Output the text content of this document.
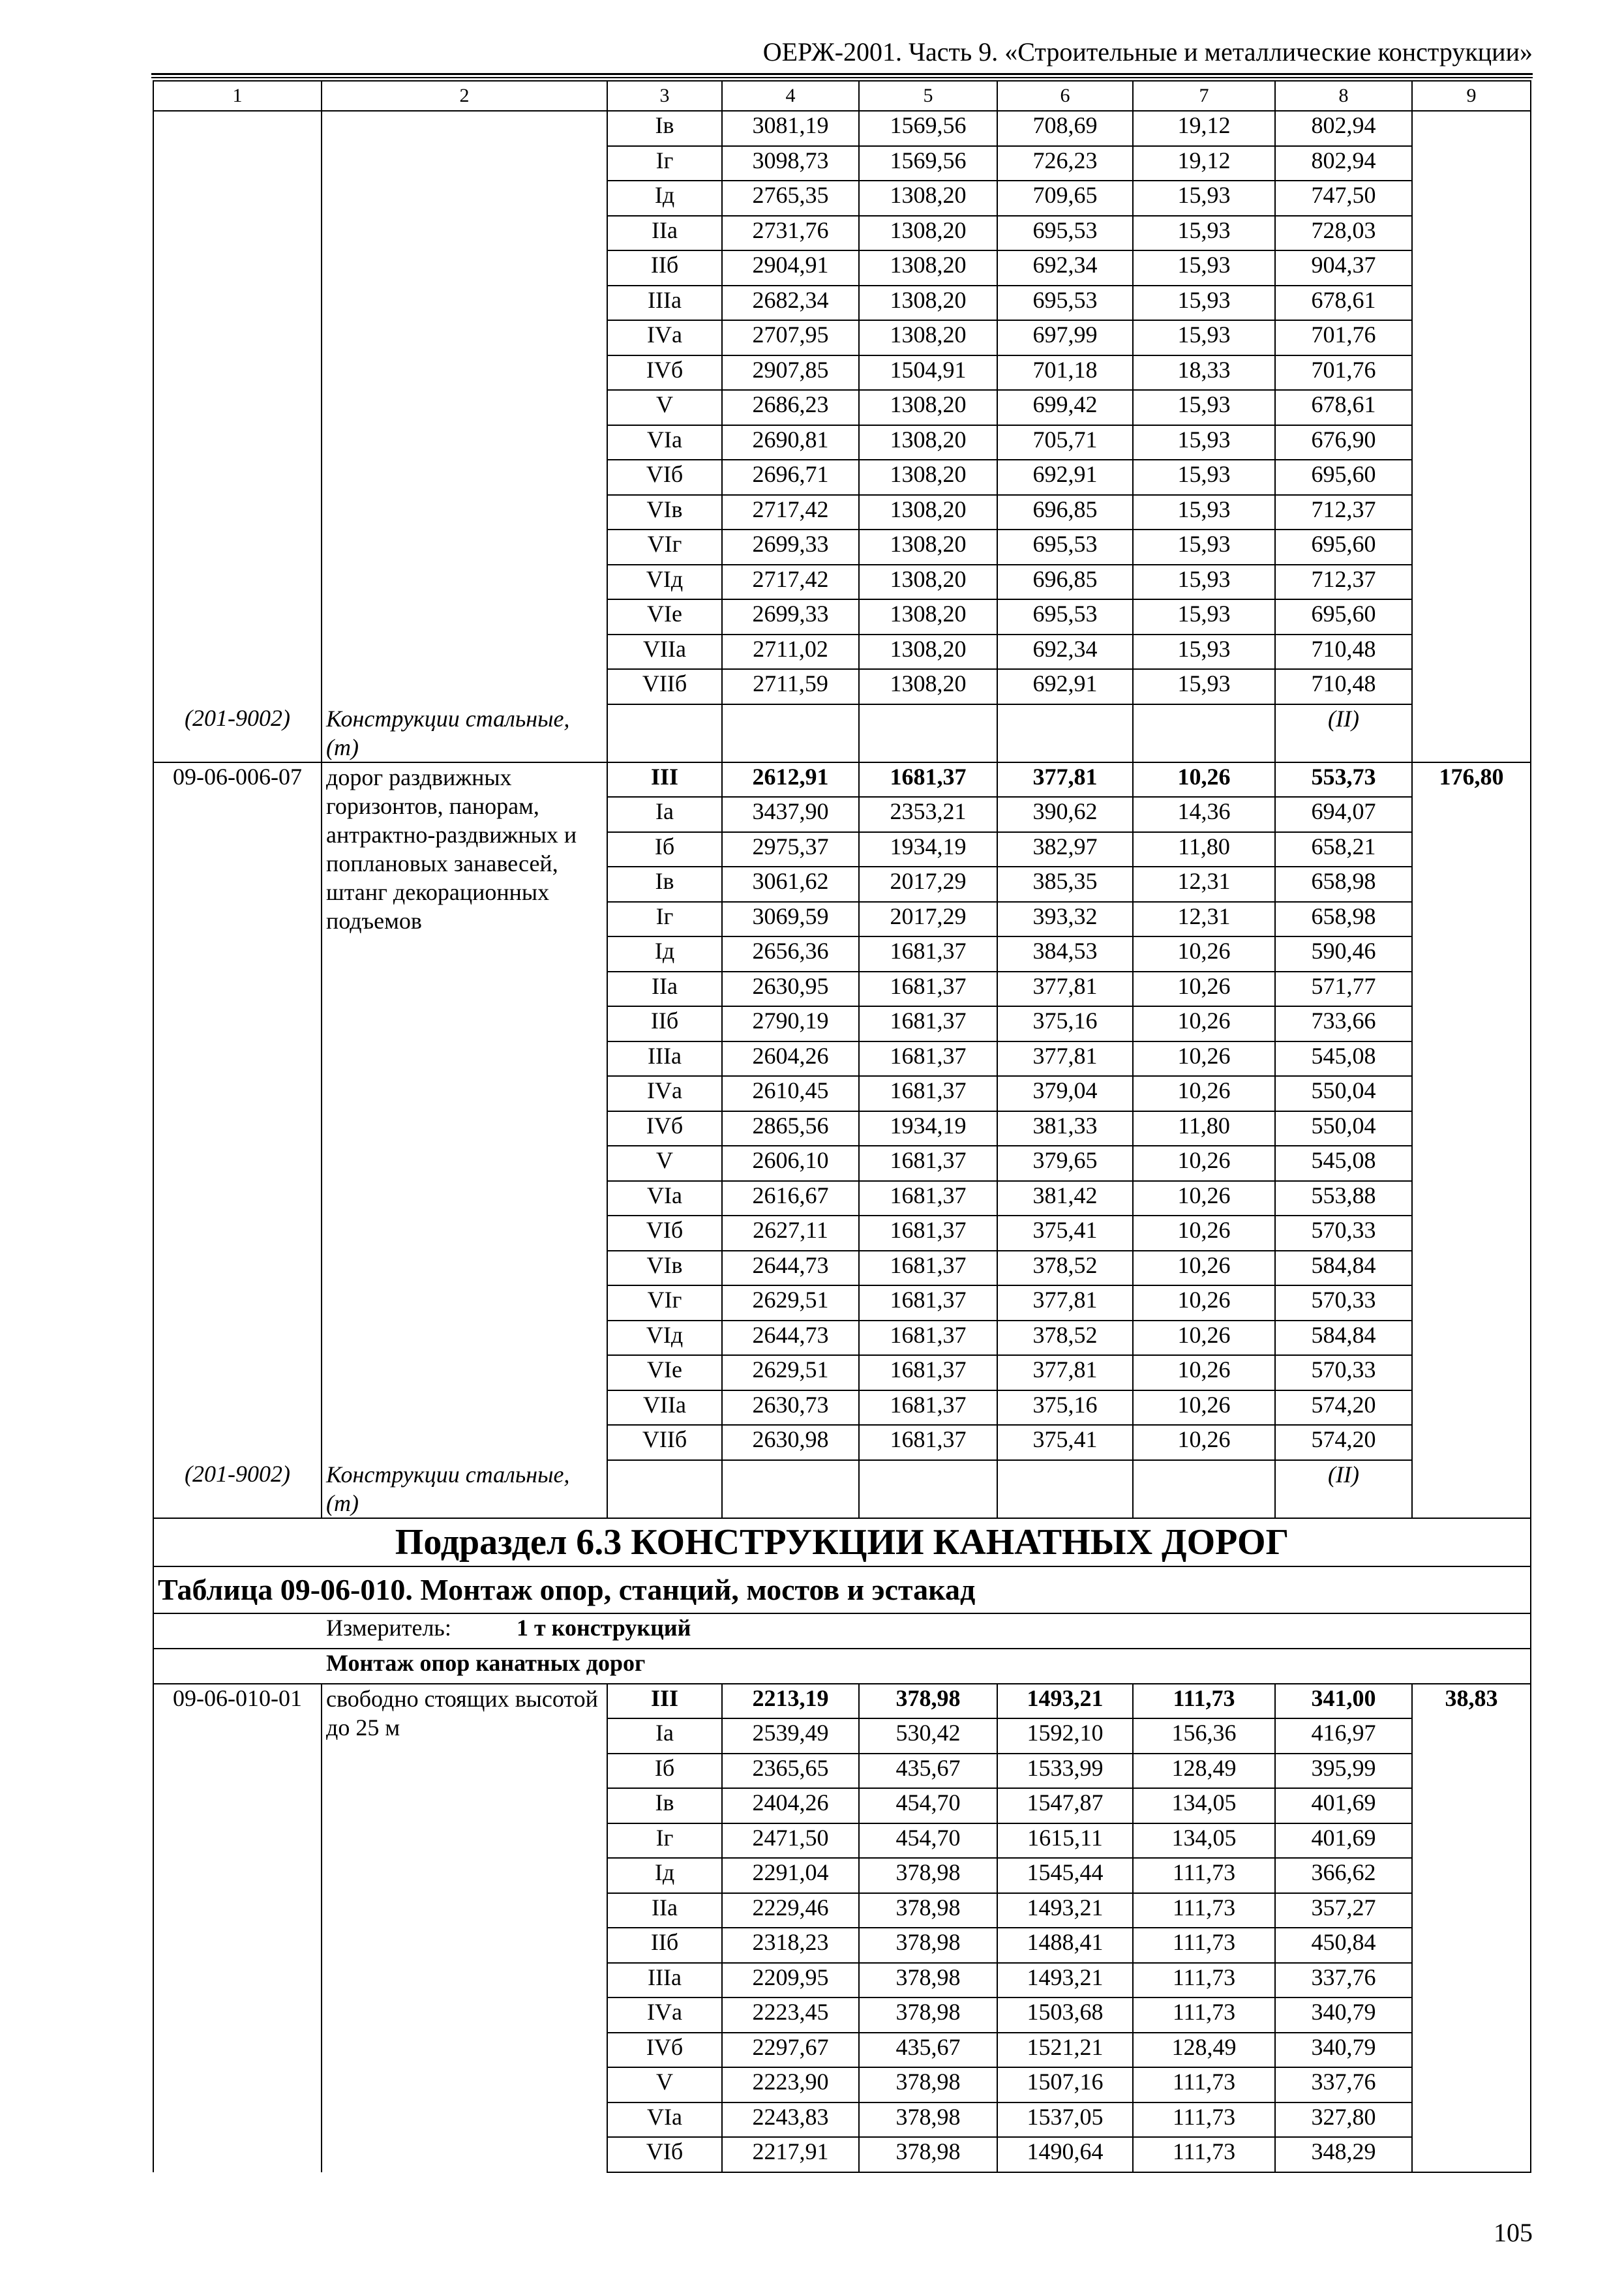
ОЕРЖ-2001. Часть 9. «Строительные и металлические конструкции»
1	2	3	4	5	6	7	8	9
		Iв	3081,19	1569,56	708,69	19,12	802,94	
		Iг	3098,73	1569,56	726,23	19,12	802,94	
		Iд	2765,35	1308,20	709,65	15,93	747,50	
		IIа	2731,76	1308,20	695,53	15,93	728,03	
		IIб	2904,91	1308,20	692,34	15,93	904,37	
		IIIа	2682,34	1308,20	695,53	15,93	678,61	
		IVа	2707,95	1308,20	697,99	15,93	701,76	
		IVб	2907,85	1504,91	701,18	18,33	701,76	
		V	2686,23	1308,20	699,42	15,93	678,61	
		VIа	2690,81	1308,20	705,71	15,93	676,90	
		VIб	2696,71	1308,20	692,91	15,93	695,60	
		VIв	2717,42	1308,20	696,85	15,93	712,37	
		VIг	2699,33	1308,20	695,53	15,93	695,60	
		VIд	2717,42	1308,20	696,85	15,93	712,37	
		VIе	2699,33	1308,20	695,53	15,93	695,60	
		VIIа	2711,02	1308,20	692,34	15,93	710,48	
		VIIб	2711,59	1308,20	692,91	15,93	710,48	
(201-9002)	Конструкции стальные, (т)						(II)	
09-06-006-07	дорог раздвижных горизонтов, панорам, антрактно-раздвижных и поплановых занавесей, штанг декорационных подъемов	III	2612,91	1681,37	377,81	10,26	553,73	176,80
		Iа	3437,90	2353,21	390,62	14,36	694,07	
		Iб	2975,37	1934,19	382,97	11,80	658,21	
		Iв	3061,62	2017,29	385,35	12,31	658,98	
		Iг	3069,59	2017,29	393,32	12,31	658,98	
		Iд	2656,36	1681,37	384,53	10,26	590,46	
		IIа	2630,95	1681,37	377,81	10,26	571,77	
		IIб	2790,19	1681,37	375,16	10,26	733,66	
		IIIа	2604,26	1681,37	377,81	10,26	545,08	
		IVа	2610,45	1681,37	379,04	10,26	550,04	
		IVб	2865,56	1934,19	381,33	11,80	550,04	
		V	2606,10	1681,37	379,65	10,26	545,08	
		VIа	2616,67	1681,37	381,42	10,26	553,88	
		VIб	2627,11	1681,37	375,41	10,26	570,33	
		VIв	2644,73	1681,37	378,52	10,26	584,84	
		VIг	2629,51	1681,37	377,81	10,26	570,33	
		VIд	2644,73	1681,37	378,52	10,26	584,84	
		VIе	2629,51	1681,37	377,81	10,26	570,33	
		VIIа	2630,73	1681,37	375,16	10,26	574,20	
		VIIб	2630,98	1681,37	375,41	10,26	574,20	
(201-9002)	Конструкции стальные, (т)						(II)	
Подраздел 6.3 КОНСТРУКЦИИ КАНАТНЫХ ДОРОГ								
Таблица 09-06-010. Монтаж опор, станций, мостов и эстакад								
Измеритель: 1 т конструкций								
Монтаж опор канатных дорог								
09-06-010-01	свободно стоящих высотой до 25 м	III	2213,19	378,98	1493,21	111,73	341,00	38,83
		Iа	2539,49	530,42	1592,10	156,36	416,97	
		Iб	2365,65	435,67	1533,99	128,49	395,99	
		Iв	2404,26	454,70	1547,87	134,05	401,69	
		Iг	2471,50	454,70	1615,11	134,05	401,69	
		Iд	2291,04	378,98	1545,44	111,73	366,62	
		IIа	2229,46	378,98	1493,21	111,73	357,27	
		IIб	2318,23	378,98	1488,41	111,73	450,84	
		IIIа	2209,95	378,98	1493,21	111,73	337,76	
		IVа	2223,45	378,98	1503,68	111,73	340,79	
		IVб	2297,67	435,67	1521,21	128,49	340,79	
		V	2223,90	378,98	1507,16	111,73	337,76	
		VIа	2243,83	378,98	1537,05	111,73	327,80	
		VIб	2217,91	378,98	1490,64	111,73	348,29	
105
